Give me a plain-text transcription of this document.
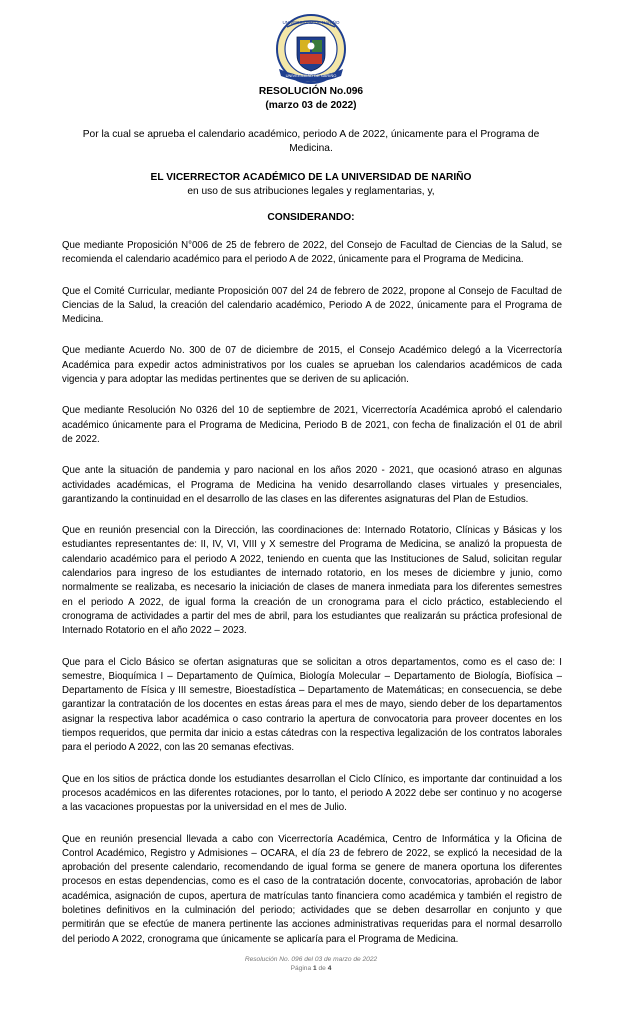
UNIVERSIDAD DE NARIÑO
UNIVERSIDAD DE NARIÑO
RESOLUCIÓN No.096
(marzo 03 de 2022)
Por la cual se aprueba el calendario académico, periodo A de 2022, únicamente para el Programa de
Medicina.
EL VICERRECTOR ACADÉMICO DE LA UNIVERSIDAD DE NARIÑO
en uso de sus atribuciones legales y reglamentarias, y,
CONSIDERANDO:

Que mediante Proposición N°006 de 25 de febrero de 2022, del Consejo de Facultad de Ciencias de la Salud, se recomienda el calendario académico para el periodo A de 2022, únicamente para el Programa de Medicina.

Que el Comité Curricular, mediante Proposición 007 del 24 de febrero de 2022, propone al Consejo de Facultad de Ciencias de la Salud, la creación del calendario académico, Periodo A de 2022, únicamente para el Programa de Medicina.

Que mediante Acuerdo No. 300 de 07 de diciembre de 2015, el Consejo Académico delegó a la Vicerrectoría Académica para expedir actos administrativos por los cuales se aprueban los calendarios académicos de cada vigencia y para adoptar las medidas pertinentes que se deriven de su aplicación.

Que mediante Resolución No 0326 del 10 de septiembre de 2021, Vicerrectoría Académica aprobó el calendario académico únicamente para el Programa de Medicina, Periodo B de 2021, con fecha de finalización el 01 de abril de 2022.

Que ante la situación de pandemia y paro nacional en los años 2020 - 2021, que ocasionó atraso en algunas actividades académicas, el Programa de Medicina ha venido desarrollando clases virtuales y presenciales, garantizando la continuidad en el desarrollo de las clases en las diferentes asignaturas del Plan de Estudios.

Que en reunión presencial con la Dirección, las coordinaciones de: Internado Rotatorio, Clínicas y Básicas y los estudiantes representantes de: II, IV, VI, VIII y X semestre del Programa de Medicina, se analizó la propuesta de calendario académico para el periodo A 2022, teniendo en cuenta que las Instituciones de Salud, solicitan regular calendarios para ingreso de los estudiantes de internado rotatorio, en los meses de diciembre y junio, como normalmente se realizaba, es necesario la iniciación de clases de manera inmediata para los diferentes semestres en el periodo A 2022, de igual forma la creación de un cronograma para el ciclo práctico, estableciendo el cronograma de actividades a partir del mes de abril, para los estudiantes que realizarán su práctica profesional de Internado Rotatorio en el año 2022 – 2023.

Que para el Ciclo Básico se ofertan asignaturas que se solicitan a otros departamentos, como es el caso de: I semestre, Bioquímica I – Departamento de Química, Biología Molecular – Departamento de Biología, Biofísica – Departamento de Física y III semestre, Bioestadística – Departamento de Matemáticas; en consecuencia, se debe garantizar la contratación de los docentes en estas áreas para el mes de mayo, siendo deber de los departamentos asignar la respectiva labor académica o caso contrario la apertura de convocatoria para proveer docentes en los tiempos requeridos, que permita dar inicio a estas cátedras con la respectiva legalización de los contratos laborales para el periodo A 2022, con las 20 semanas efectivas.

Que en los sitios de práctica donde los estudiantes desarrollan el Ciclo Clínico, es importante dar continuidad a los procesos académicos en las diferentes rotaciones, por lo tanto, el periodo A 2022 debe ser continuo y no acogerse a las vacaciones propuestas por la universidad en el mes de Julio.

Que en reunión presencial llevada a cabo con Vicerrectoría Académica, Centro de Informática y la Oficina de Control Académico, Registro y Admisiones – OCARA, el día 23 de febrero de 2022, se explicó la necesidad de la aprobación del presente calendario, recomendando de igual forma se genere de manera oportuna los diferentes procesos en estas dependencias, como es el caso de la contratación docente, convocatorias, aprobación de labor académica, asignación de cupos, apertura de matrículas tanto financiera como académica y también el registro de boletines definitivos en la culminación del periodo; actividades que se deben desarrollar en conjunto y que permitirán que se efectúe de manera pertinente las acciones administrativas requeridas para el normal desarrollo del periodo A 2022, cronograma que únicamente se aplicaría para el Programa de Medicina.

Resolución No. 096 del 03 de marzo de 2022
Página 1 de 4
